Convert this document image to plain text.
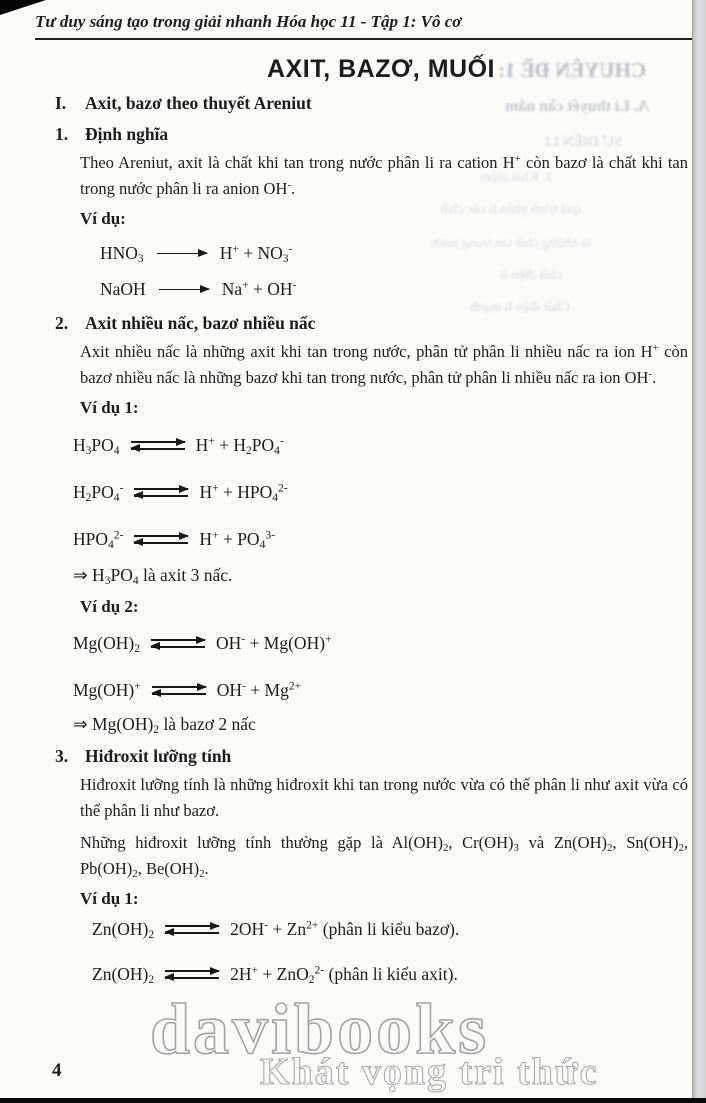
CHUYÊN ĐỀ 1:
A. Lí thuyết cần nắm
SỰ ĐIỆN LI
1. Khái niệm
quá trình phân li các chất
là những chất tan trong nước
chất điện li
Chất điện li mạnh
Tư duy sáng tạo trong giải nhanh Hóa học 11 - Tập 1: Vô cơ
AXIT, BAZƠ, MUỐI
I.	Axit, bazơ theo thuyết Areniut
1. Định nghĩa
Theo Areniut, axit là chất khi tan trong nước phân li ra cation H+ còn bazơ là chất khi tan trong nước phân li ra anion OH-.
Ví dụ:
$HNO_3$	$H^+ + NO_3^-$
NaOH	Na+ + OH-
2. Axit nhiều nấc, bazơ nhiều nấc
Axit nhiều nấc là những axit khi tan trong nước, phân tử phân li nhiều nấc ra ion H+ còn bazơ nhiều nấc là những bazơ khi tan trong nước, phân tử phân li nhiều nấc ra ion OH-.
Ví dụ 1:
$H_3PO_4$ ⇌ $H^+ + H_2PO_4^-$
$H_2PO_4^-$ ⇌ $H^+ + HPO_4^{2-}$
$HPO_4^{2-}$ ⇌ $H^+ + PO_4^{3-}$
⇒ $H_3PO_4$ là axit 3 nấc.
Ví dụ 2:
$Mg(OH)_2$ ⇌ OH- + Mg(OH)+
Mg(OH)+ ⇌ $OH^- + Mg^{2+}$
⇒ $Mg(OH)_2$ là bazơ 2 nấc
3. Hiđroxit lưỡng tính
Hiđroxit lưỡng tính là những hiđroxit khi tan trong nước vừa có thể phân li như axit vừa có thể phân li như bazơ.
Những hiđroxit lưỡng tính thường gặp là $Al(OH)_2$, $Cr(OH)_3$ và $Zn(OH)_2$, $Sn(OH)_2$, $Pb(OH)_2$, $Be(OH)_2$.
Ví dụ 1:
$Zn(OH)_2$ ⇌ $2OH^- + Zn^{2+}$ (phân li kiểu bazơ).
$Zn(OH)_2$ ⇌ 2H+ + ZnO$_2^{2-}$ (phân li kiểu axit).
davibooks
Khát vọng tri thức
4
